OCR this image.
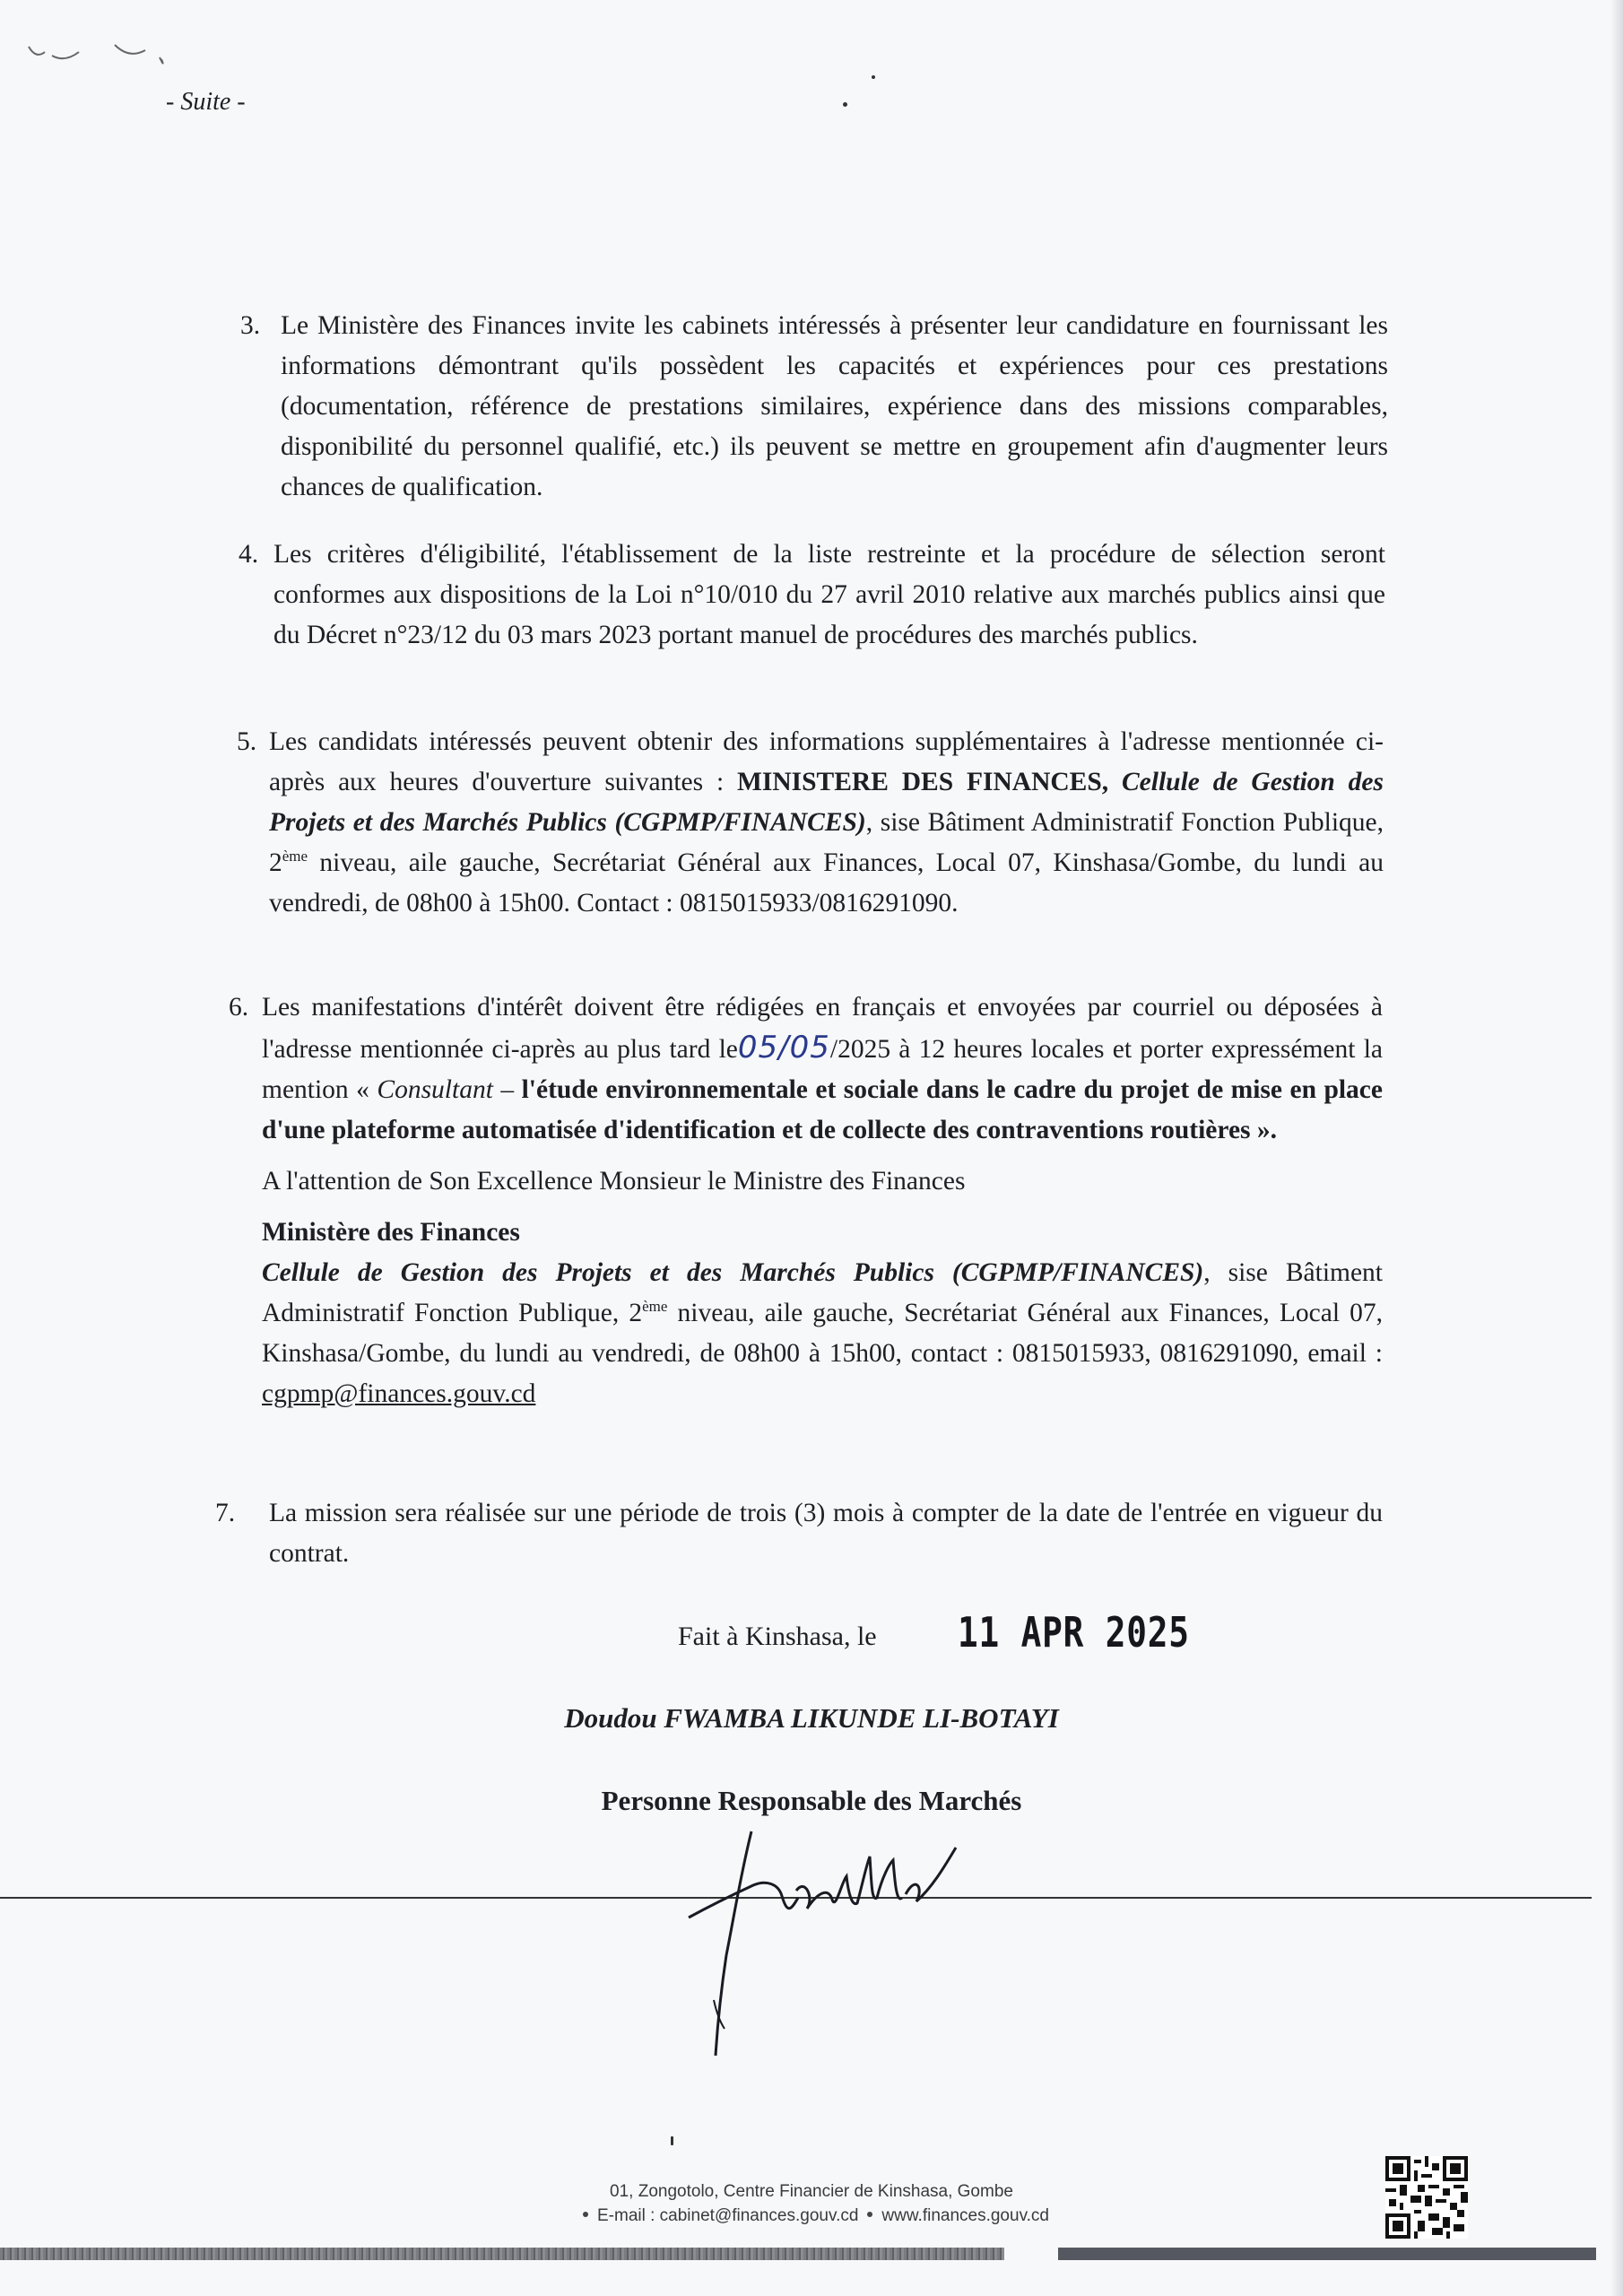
- Suite -
3. Le Ministère des Finances invite les cabinets intéressés à présenter leur candidature en fournissant les informations démontrant qu'ils possèdent les capacités et expériences pour ces prestations (documentation, référence de prestations similaires, expérience dans des missions comparables, disponibilité du personnel qualifié, etc.) ils peuvent se mettre en groupement afin d'augmenter leurs chances de qualification.

4. Les critères d'éligibilité, l'établissement de la liste restreinte et la procédure de sélection seront conformes aux dispositions de la Loi n°10/010 du 27 avril 2010 relative aux marchés publics ainsi que du Décret n°23/12 du 03 mars 2023 portant manuel de procédures des marchés publics.

5. Les candidats intéressés peuvent obtenir des informations supplémentaires à l'adresse mentionnée ci-après aux heures d'ouverture suivantes : MINISTERE DES FINANCES, Cellule de Gestion des Projets et des Marchés Publics (CGPMP/FINANCES), sise Bâtiment Administratif Fonction Publique, 2ème niveau, aile gauche, Secrétariat Général aux Finances, Local 07, Kinshasa/Gombe, du lundi au vendredi, de 08h00 à 15h00. Contact : 0815015933/0816291090.

6. Les manifestations d'intérêt doivent être rédigées en français et envoyées par courriel ou déposées à l'adresse mentionnée ci-après au plus tard le05/05/2025 à 12 heures locales et porter expressément la mention « Consultant – l'étude environnementale et sociale dans le cadre du projet de mise en place d'une plateforme automatisée d'identification et de collecte des contraventions routières ».

A l'attention de Son Excellence Monsieur le Ministre des Finances

Ministère des Finances

Cellule de Gestion des Projets et des Marchés Publics (CGPMP/FINANCES), sise Bâtiment Administratif Fonction Publique, 2ème niveau, aile gauche, Secrétariat Général aux Finances, Local 07, Kinshasa/Gombe, du lundi au vendredi, de 08h00 à 15h00, contact : 0815015933, 0816291090, email : cgpmp@finances.gouv.cd

7. La mission sera réalisée sur une période de trois (3) mois à compter de la date de l'entrée en vigueur du contrat.

Fait à Kinshasa, le 11 APR 2025
Doudou FWAMBA LIKUNDE LI-BOTAYI
Personne Responsable des Marchés
01, Zongotolo, Centre Financier de Kinshasa, Gombe
E-mail : cabinet@finances.gouv.cd www.finances.gouv.cd
